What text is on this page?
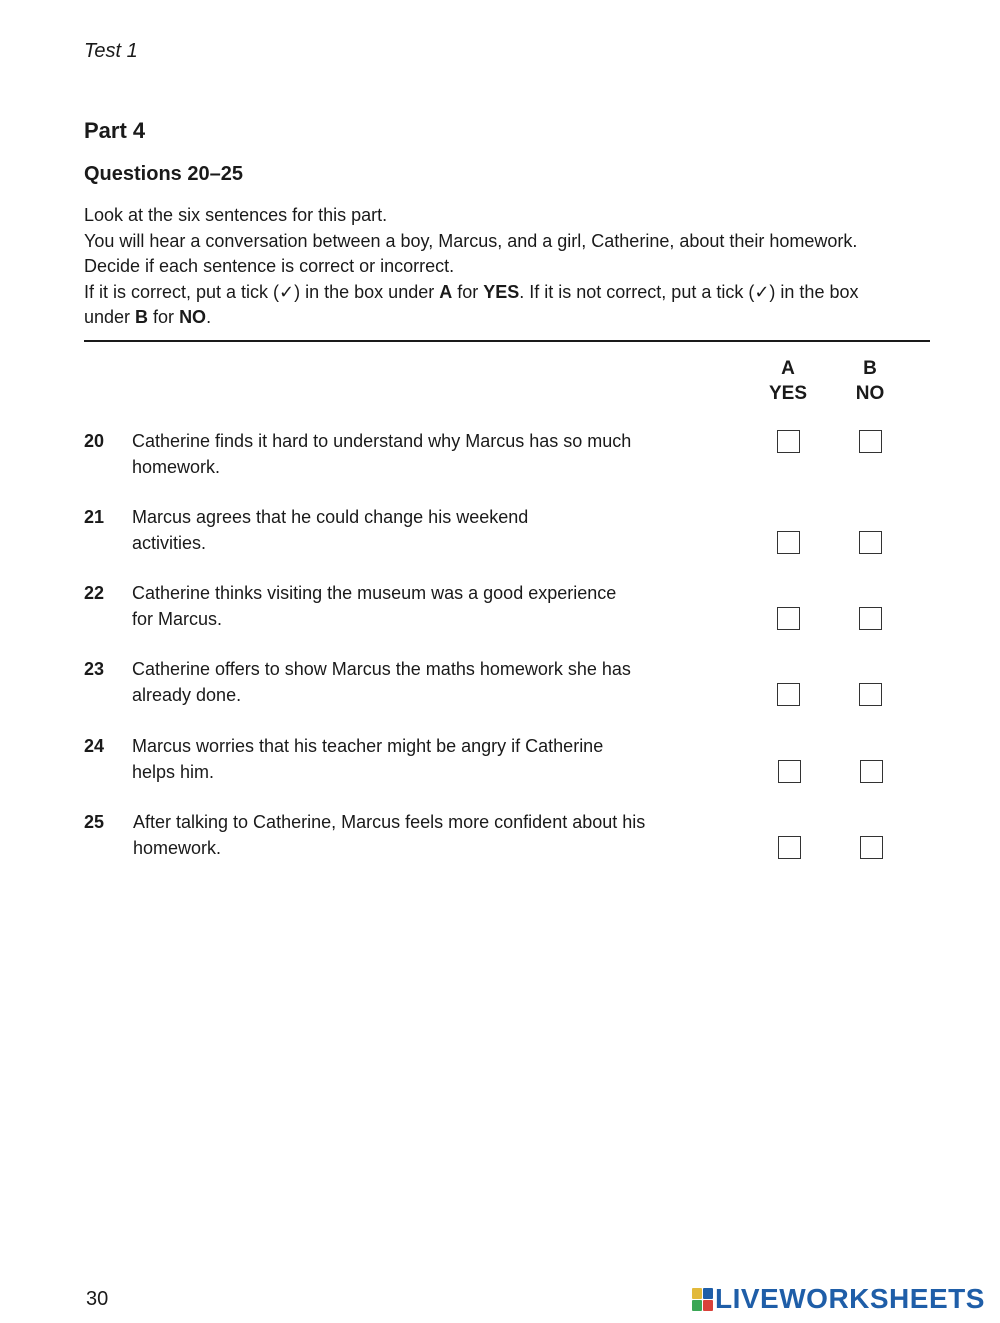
Test 1
Part 4
Questions 20–25

Look at the six sentences for this part.

You will hear a conversation between a boy, Marcus, and a girl, Catherine, about their homework.

Decide if each sentence is correct or incorrect.

If it is correct, put a tick (✓) in the box under A for YES. If it is not correct, put a tick (✓) in the box

under B for NO.

A
YES
B
NO
20 Catherine finds it hard to understand why Marcus has so much
homework.
21 Marcus agrees that he could change his weekend
activities.
22 Catherine thinks visiting the museum was a good experience
for Marcus.
23 Catherine offers to show Marcus the maths homework she has
already done.
24 Marcus worries that his teacher might be angry if Catherine
helps him.
25 After talking to Catherine, Marcus feels more confident about his
homework.
30	LIVEWORKSHEETS
